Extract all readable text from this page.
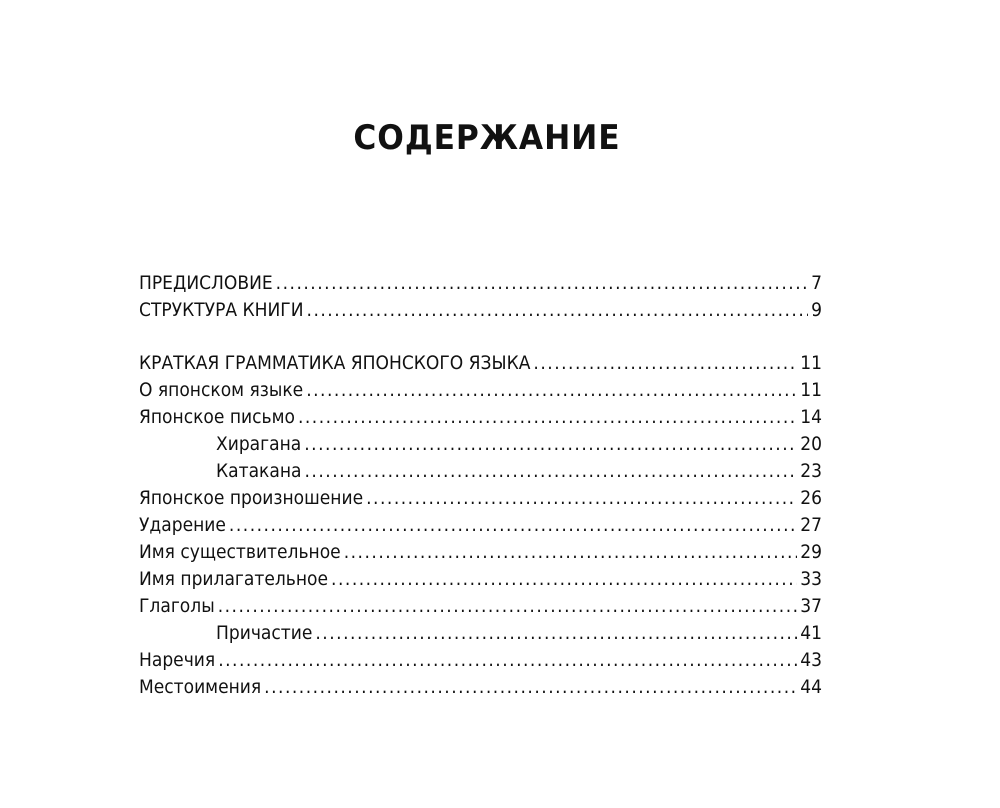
СОДЕРЖАНИЕ
ПРЕДИСЛОВИЕ .....	7
СТРУКТУРА КНИГИ .....	9
КРАТКАЯ ГРАММАТИКА ЯПОНСКОГО ЯЗЫКА .....	11
О японском языке .....	11
Японское письмо .....	14
Хирагана .....	20
Катакана .....	23
Японское произношение .....	26
Ударение .....	27
Имя существительное .....	29
Имя прилагательное .....	33
Глаголы .....	37
Причастие .....	41
Наречия .....	43
Местоимения .....	44
